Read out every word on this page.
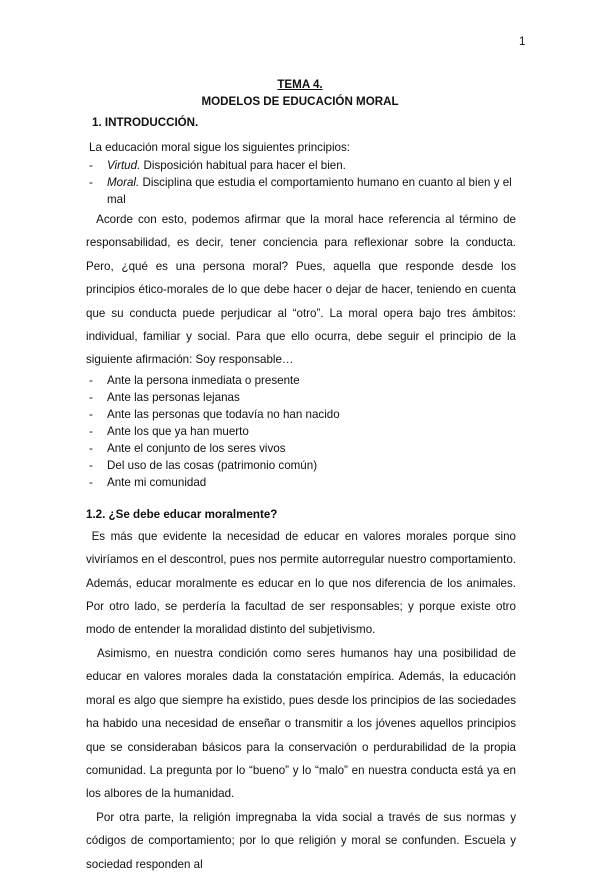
1
TEMA 4.
MODELOS DE EDUCACIÓN MORAL
1. INTRODUCCIÓN.

La educación moral sigue los siguientes principios:

- Virtud. Disposición habitual para hacer el bien.
- Moral. Disciplina que estudia el comportamiento humano en cuanto al bien y el mal

Acorde con esto, podemos afirmar que la moral hace referencia al término de responsabilidad, es decir, tener conciencia para reflexionar sobre la conducta. Pero, ¿qué es una persona moral? Pues, aquella que responde desde los principios ético-morales de lo que debe hacer o dejar de hacer, teniendo en cuenta que su conducta puede perjudicar al “otro”. La moral opera bajo tres ámbitos: individual, familiar y social. Para que ello ocurra, debe seguir el principio de la siguiente afirmación: Soy responsable…

- Ante la persona inmediata o presente
- Ante las personas lejanas
- Ante las personas que todavía no han nacido
- Ante los que ya han muerto
- Ante el conjunto de los seres vivos
- Del uso de las cosas (patrimonio común)
- Ante mi comunidad
1.2. ¿Se debe educar moralmente?

Es más que evidente la necesidad de educar en valores morales porque sino viviríamos en el descontrol, pues nos permite autorregular nuestro comportamiento. Además, educar moralmente es educar en lo que nos diferencia de los animales. Por otro lado, se perdería la facultad de ser responsables; y porque existe otro modo de entender la moralidad distinto del subjetivismo.

Asimismo, en nuestra condición como seres humanos hay una posibilidad de educar en valores morales dada la constatación empírica. Además, la educación moral es algo que siempre ha existido, pues desde los principios de las sociedades ha habido una necesidad de enseñar o transmitir a los jóvenes aquellos principios que se consideraban básicos para la conservación o perdurabilidad de la propia comunidad. La pregunta por lo “bueno” y lo “malo” en nuestra conducta está ya en los albores de la humanidad.

Por otra parte, la religión impregnaba la vida social a través de sus normas y códigos de comportamiento; por lo que religión y moral se confunden. Escuela y sociedad responden al
